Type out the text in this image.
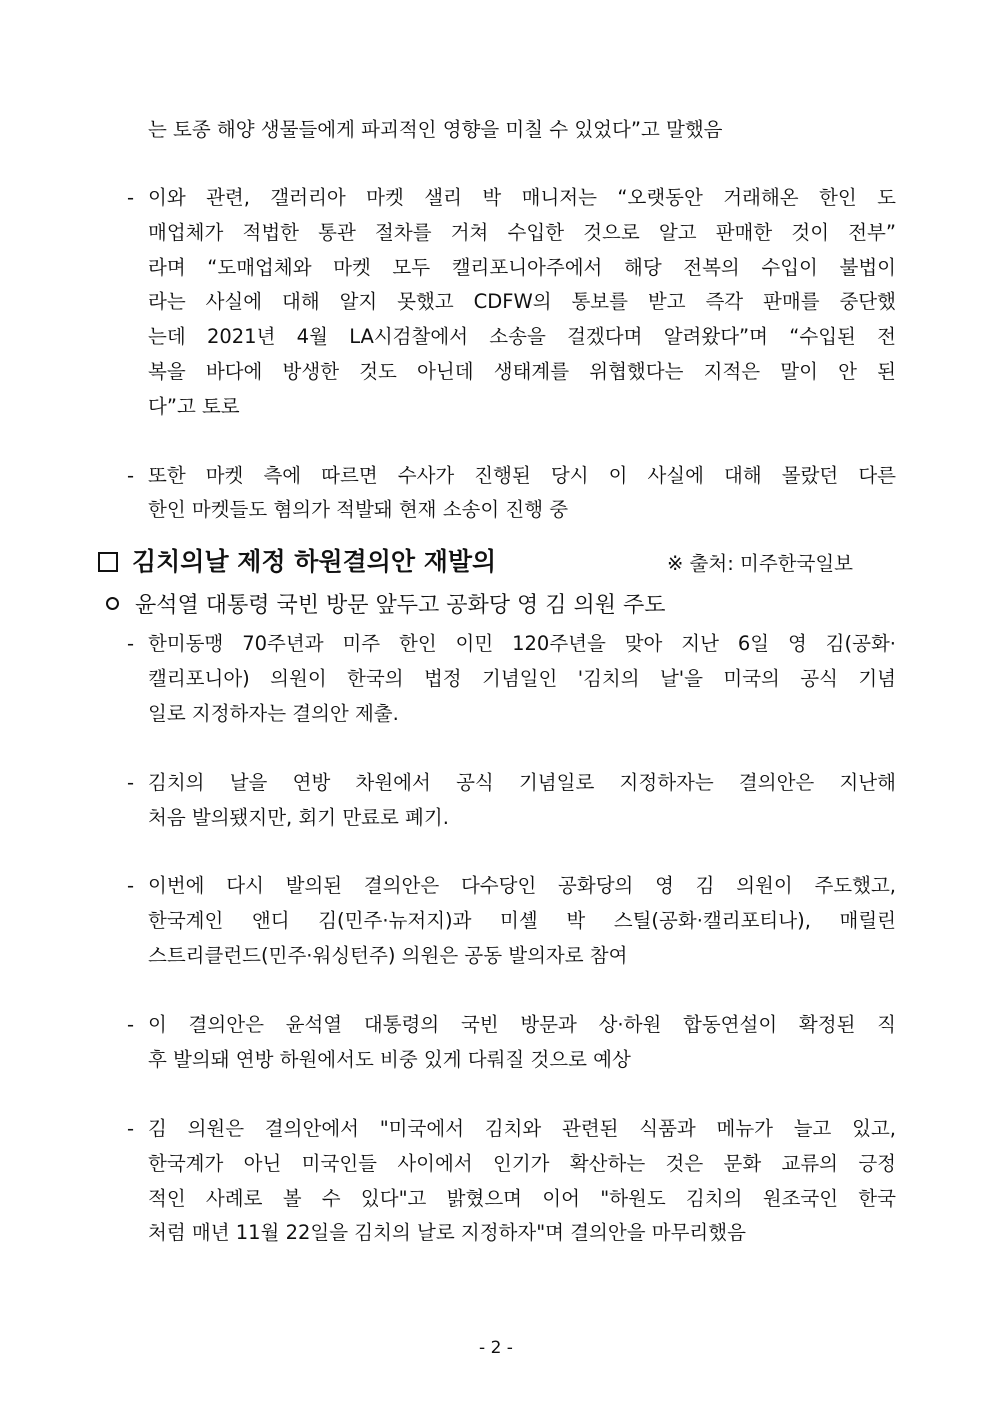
는 토종 해양 생물들에게 파괴적인 영향을 미칠 수 있었다”고 말했음
- 이와 관련, 갤러리아 마켓 샐리 박 매니저는 “오랫동안 거래해온 한인 도
매업체가 적법한 통관 절차를 거쳐 수입한 것으로 알고 판매한 것이 전부”
라며 “도매업체와 마켓 모두 캘리포니아주에서 해당 전복의 수입이 불법이
라는 사실에 대해 알지 못했고 CDFW의 통보를 받고 즉각 판매를 중단했
는데 2021년 4월 LA시검찰에서 소송을 걸겠다며 알려왔다”며 “수입된 전
복을 바다에 방생한 것도 아닌데 생태계를 위협했다는 지적은 말이 안 된
다”고 토로
- 또한 마켓 측에 따르면 수사가 진행된 당시 이 사실에 대해 몰랐던 다른
한인 마켓들도 혐의가 적발돼 현재 소송이 진행 중
김치의날 제정 하원결의안 재발의	※ 출처: 미주한국일보
윤석열 대통령 국빈 방문 앞두고 공화당 영 김 의원 주도
- 한미동맹 70주년과 미주 한인 이민 120주년을 맞아 지난 6일 영 김(공화·
캘리포니아) 의원이 한국의 법정 기념일인 '김치의 날'을 미국의 공식 기념
일로 지정하자는 결의안 제출.
- 김치의 날을 연방 차원에서 공식 기념일로 지정하자는 결의안은 지난해
처음 발의됐지만, 회기 만료로 폐기.
- 이번에 다시 발의된 결의안은 다수당인 공화당의 영 김 의원이 주도했고,
한국계인 앤디 김(민주·뉴저지)과 미셸 박 스틸(공화·캘리포티나), 매릴린
스트리클런드(민주·워싱턴주) 의원은 공동 발의자로 참여
- 이 결의안은 윤석열 대통령의 국빈 방문과 상·하원 합동연설이 확정된 직
후 발의돼 연방 하원에서도 비중 있게 다뤄질 것으로 예상
- 김 의원은 결의안에서 "미국에서 김치와 관련된 식품과 메뉴가 늘고 있고,
한국계가 아닌 미국인들 사이에서 인기가 확산하는 것은 문화 교류의 긍정
적인 사례로 볼 수 있다"고 밝혔으며 이어 "하원도 김치의 원조국인 한국
처럼 매년 11월 22일을 김치의 날로 지정하자"며 결의안을 마무리했음
- 2 -
